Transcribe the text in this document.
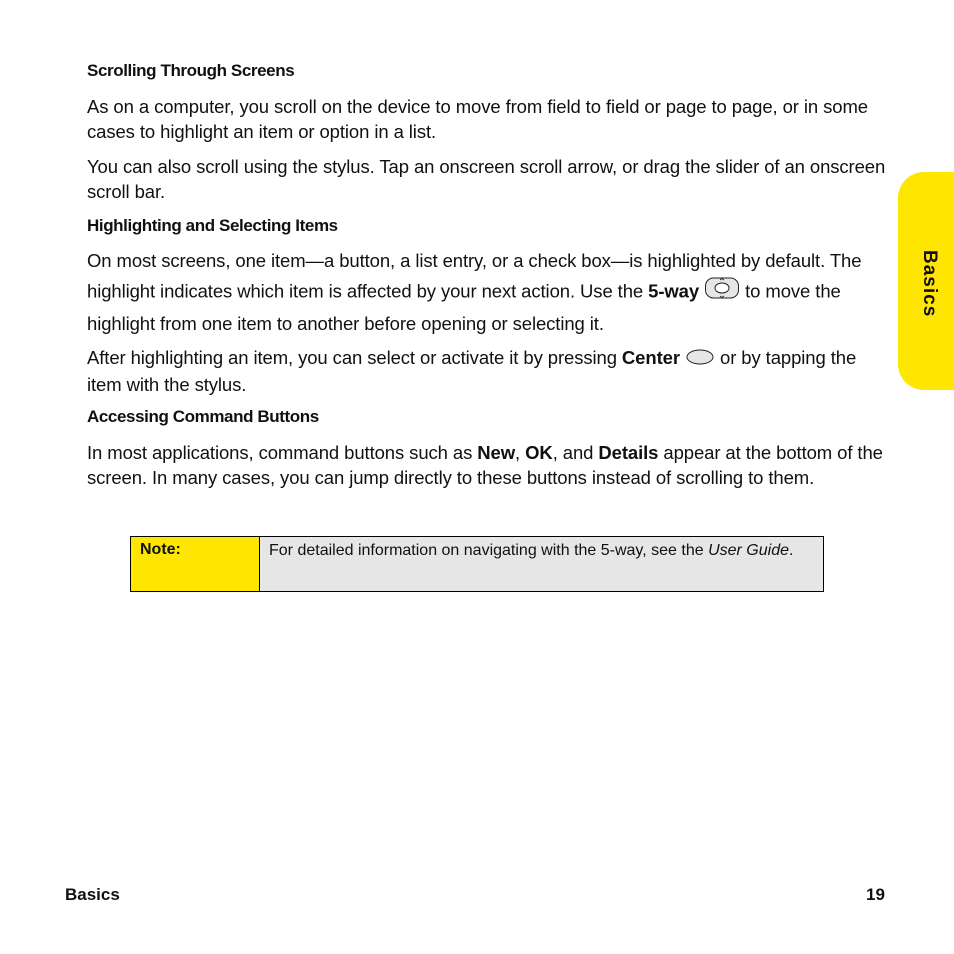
Scrolling Through Screens

As on a computer, you scroll on the device to move from field to field or page to page, or in some cases to highlight an item or option in a list.

You can also scroll using the stylus. Tap an onscreen scroll arrow, or drag the slider of an onscreen scroll bar.

Highlighting and Selecting Items

On most screens, one item—a button, a list entry, or a check box—is highlighted by default. The highlight indicates which item is affected by your next action. Use the 5-way  to move the highlight from one item to another before opening or selecting it.

After highlighting an item, you can select or activate it by pressing Center  or by tapping the item with the stylus.

Accessing Command Buttons

In most applications, command buttons such as New, OK, and Details appear at the bottom of the screen. In many cases, you can jump directly to these buttons instead of scrolling to them.

Note:	For detailed information on navigating with the 5-way, see the User Guide.
Basics
Basics	19
